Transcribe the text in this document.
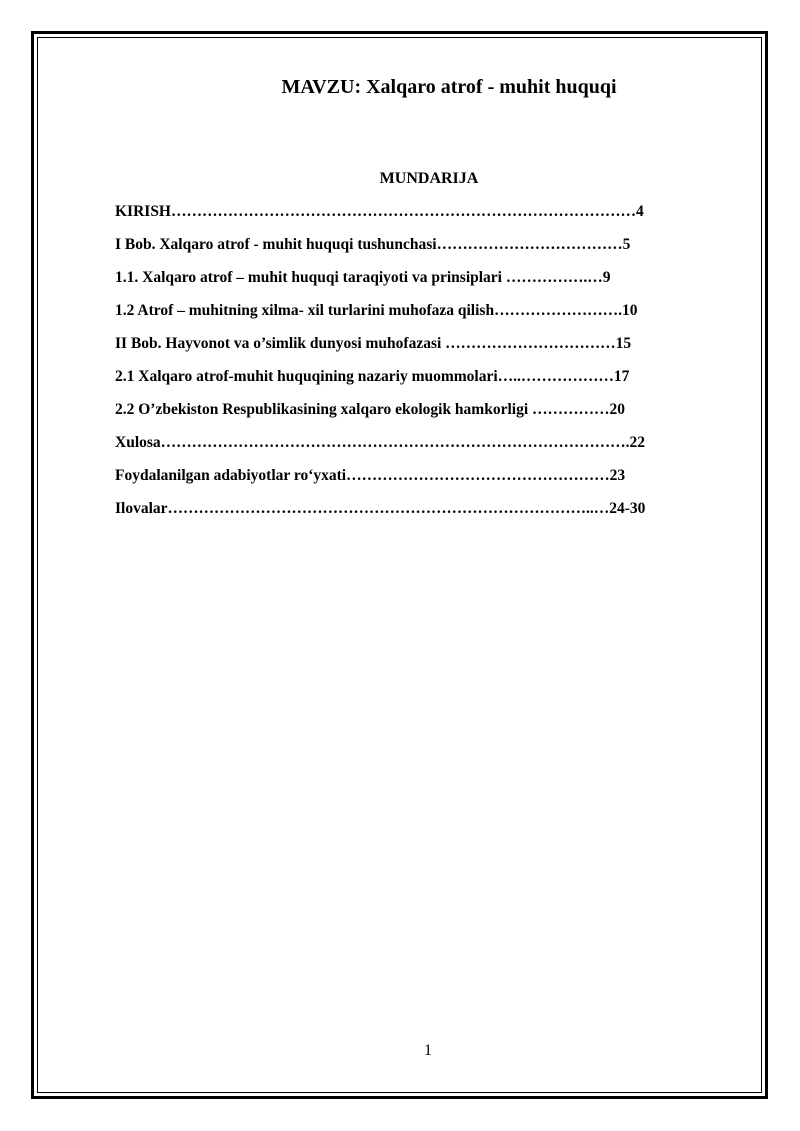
MAVZU: Xalqaro atrof - muhit huquqi
MUNDARIJA
KIRISH………………………………………………………………………………4
I Bob. Xalqaro atrof - muhit huquqi tushunchasi………………………………5
1.1. Xalqaro atrof – muhit huquqi taraqiyoti va prinsiplari …………….…9
1.2 Atrof – muhitning xilma- xil turlarini muhofaza qilish…………………….10
II Bob. Hayvonot va o’simlik dunyosi muhofazasi ……………………………15
2.1 Xalqaro atrof-muhit huquqining nazariy muommolari…..………………17
2.2 O’zbekiston Respublikasining xalqaro ekologik hamkorligi ……………20
Xulosa……………………………………………………………………………….22
Foydalanilgan adabiyotlar ro‘yxati……………………………………………23
Ilovalar………………………………………………………………………..…24-30
1
